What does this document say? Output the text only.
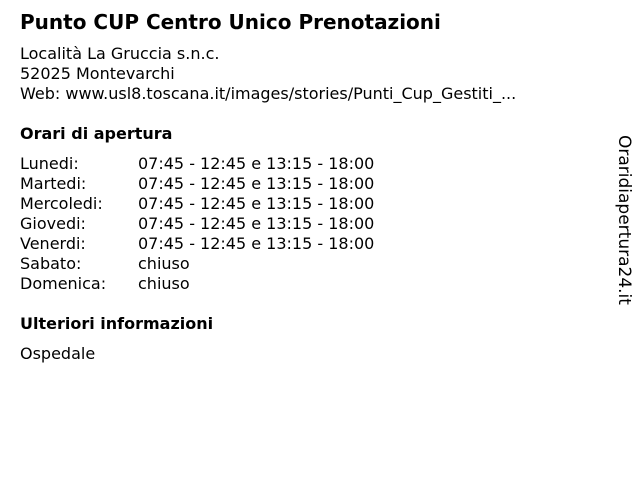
Punto CUP Centro Unico Prenotazioni
Località La Gruccia s.n.c.
52025 Montevarchi
Web: www.usl8.toscana.it/images/stories/Punti_Cup_Gestiti_...
Orari di apertura
Lunedi:	07:45 - 12:45 e 13:15 - 18:00
Martedi:	07:45 - 12:45 e 13:15 - 18:00
Mercoledi: 07:45 - 12:45 e 13:15 - 18:00
Giovedi:	07:45 - 12:45 e 13:15 - 18:00
Venerdi:	07:45 - 12:45 e 13:15 - 18:00
Sabato:	chiuso
Domenica: chiuso
Ulteriori informazioni
Ospedale
Oraridiapertura24.it
